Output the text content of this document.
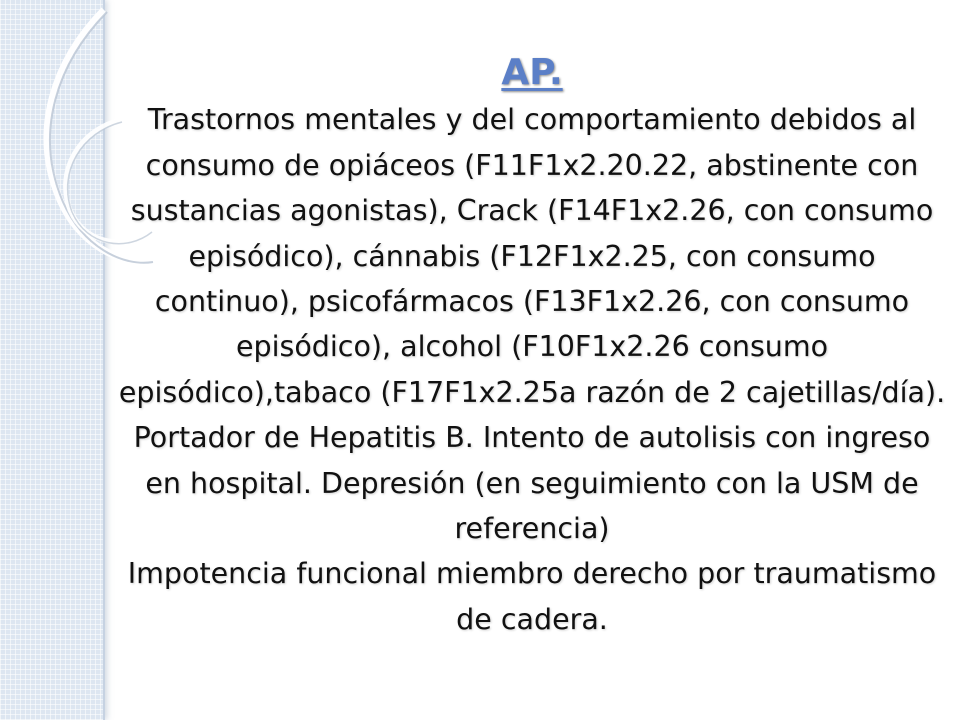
AP.

Trastornos mentales y del comportamiento debidos al consumo de opiáceos (F11F1x2.20.22, abstinente con sustancias agonistas), Crack (F14F1x2.26, con consumo episódico), cánnabis (F12F1x2.25, con consumo continuo), psicofármacos (F13F1x2.26, con consumo episódico), alcohol (F10F1x2.26 consumo episódico),tabaco (F17F1x2.25a razón de 2 cajetillas/día).

Portador de Hepatitis B. Intento de autolisis con ingreso en hospital. Depresión (en seguimiento con la USM de referencia)

Impotencia funcional miembro derecho por traumatismo de cadera.
